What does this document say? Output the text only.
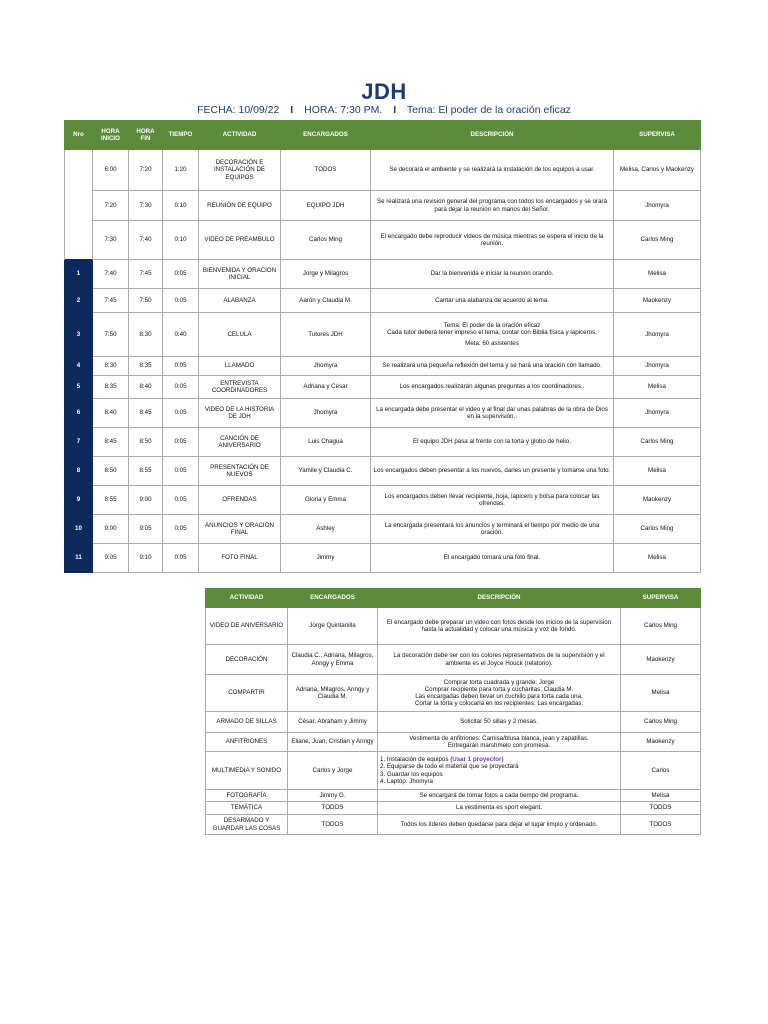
JDH
FECHA: 10/09/22 I HORA: 7:30 PM. I Tema: El poder de la oración eficaz
Nro	HORA INICIO	HORA FIN	TIEMPO	ACTIVIDAD	ENCARGADOS	DESCRIPCIÓN	SUPERVISA
	6:00	7:20	1:20	DECORACIÓN E INSTALACIÓN DE EQUIPOS	TODOS	Se decorará el ambiente y se realizará la instalación de los equipos a usar.	Melisa, Carlos y Maokenzy
	7:20	7:30	0:10	REUNIÓN DE EQUIPO	EQUIPO JDH	Se realizará una revisión general del programa con todos los encargados y se orará para dejar la reunión en manos del Señor.	Jhomyra
	7:30	7:40	0:10	VIDEO DE PREAMBULO	Carlos Ming	El encargado debe reproducir videos de música mientras se espera el inicio de la reunión.	Carlos Ming
1	7:40	7:45	0:05	BIENVENIDA Y ORACION INICIAL	Jorge y Milagros	Dar la bienvenida e iniciar la reunión orando.	Melisa
2	7:45	7:50	0:05	ALABANZA	Aarón y Claudia M.	Cantar una alabanza de acuerdo al tema.	Maokenzy
3	7:50	8:30	0:40	CELULA	Tutores JDH	Tema: El poder de la oración eficaz
Cada tutor deberá tener impreso el tema, contar con Biblia física y lapiceros.
Meta: 60 asistentes	Jhomyra
4	8:30	8:35	0:05	LLAMADO	Jhomyra	Se realizará una pequeña reflexión del tema y se hará una oración con llamado.	Jhomyra
5	8:35	8:40	0:05	ENTREVISTA COORDINADORES	Adriana y César	Los encargados realizarán algunas preguntas a los coordinadores..	Melisa
6	8:40	8:45	0:05	VIDEO DE LA HISTORIA DE JDH	Jhomyra	La encargada debe presentar el video y al final dar unas palabras de la obra de Dios en la supervisión..	Jhomyra
7	8:45	8:50	0:05	CANCIÓN DE ANIVERSARIO	Luis Chagua	El equipo JDH pasa al frente con la torta y globo de helio.	Carlos Ming
8	8:50	8:55	0:05	PRESENTACIÓN DE NUEVOS	Yamile y Claudia C.	Los encargados deben presentar a los nuevos, darles un presente y tomarse una foto.	Melisa
9	8:55	9:00	0:05	OFRENDAS	Gloria y Emma	Los encargados deben llevar recipiente, hoja, lapicero y bolsa para colocar las ofrendas.	Maokenzy
10	9:00	9:05	0:05	ANUNCIOS Y ORACION FINAL	Ashley	La encargada presentará los anuncios y terminará el tiempo por medio de una oración.	Carlos Ming
11	9:05	9:10	0:05	FOTO FINAL	Jimmy	El encargado tomará una foto final.	Melisa
ACTIVIDAD	ENCARGADOS	DESCRIPCIÓN	SUPERVISA
VIDEO DE ANIVERSARIO	Jorge Quintanilla	El encargado debe preparar un video con fotos desde los inicios de la supervisión hasta la actualidad y colocar una música y voz de fondo.	Carlos Ming
DECORACIÓN	Claudia C., Adriana, Milagros, Anngy y Emma	La decoración debe ser con los colores representativos de la supervisión y el ambiente es el Joyce Houck (relatorio).	Maokenzy
COMPARTIR	Adriana, Milagros, Anngy y Claudia M.	Comprar torta cuadrada y grande: Jorge
Comprar recipiente para torta y cucharitas: Claudia M.
Las encargadas deben llevar un cuchillo para torta cada una.
Cortar la torta y colocarla en los recipientes: Las encargadas.	Melisa
ARMADO DE SILLAS	César, Abraham y Jimmy	Solicitar 50 sillas y 2 mesas.	Carlos Ming
ANFITRIONES	Eliane, Juan, Cristian y Anngy	Vestimenta de anfitriones: Camisa/blusa blanca, jean y zapatillas.
Entregarán marshmelo con promesa.	Maokenzy
MULTIMEDIA Y SONIDO	Carlos y Jorge	1. Instalación de equipos (Usar 1 proyector)
2. Equiparse de todo el material que se proyectará
3. Guardar los equipos
4. Laptop: Jhomyra	Carlos
FOTOGRAFÍA	Jimmy G.	Se encargará de tomar fotos a cada tiempo del programa.	Melisa
TEMÁTICA	TODOS	La vestimenta es sport elegant.	TODOS
DESARMADO Y GUARDAR LAS COSAS	TODOS	Todos los líderes deben quedarse para dejar el lugar limpio y ordenado.	TODOS
